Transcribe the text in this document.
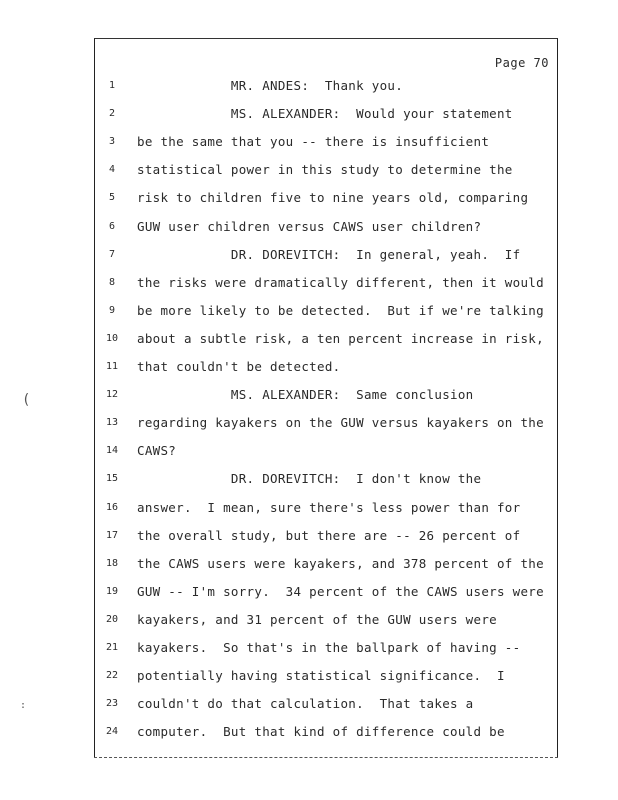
Page 70
1	MR. ANDES:  Thank you.
2	MS. ALEXANDER:  Would your statement
3	be the same that you -- there is insufficient
4	statistical power in this study to determine the
5	risk to children five to nine years old, comparing
6	GUW user children versus CAWS user children?
7	DR. DOREVITCH:  In general, yeah.  If
8	the risks were dramatically different, then it would
9	be more likely to be detected.  But if we're talking
10	about a subtle risk, a ten percent increase in risk,
11	that couldn't be detected.
12	MS. ALEXANDER:  Same conclusion
13	regarding kayakers on the GUW versus kayakers on the
14	CAWS?
15	DR. DOREVITCH:  I don't know the
16	answer.  I mean, sure there's less power than for
17	the overall study, but there are -- 26 percent of
18	the CAWS users were kayakers, and 378 percent of the
19	GUW -- I'm sorry.  34 percent of the CAWS users were
20	kayakers, and 31 percent of the GUW users were
21	kayakers.  So that's in the ballpark of having --
22	potentially having statistical significance.  I
23	couldn't do that calculation.  That takes a
24	computer.  But that kind of difference could be
(
:
